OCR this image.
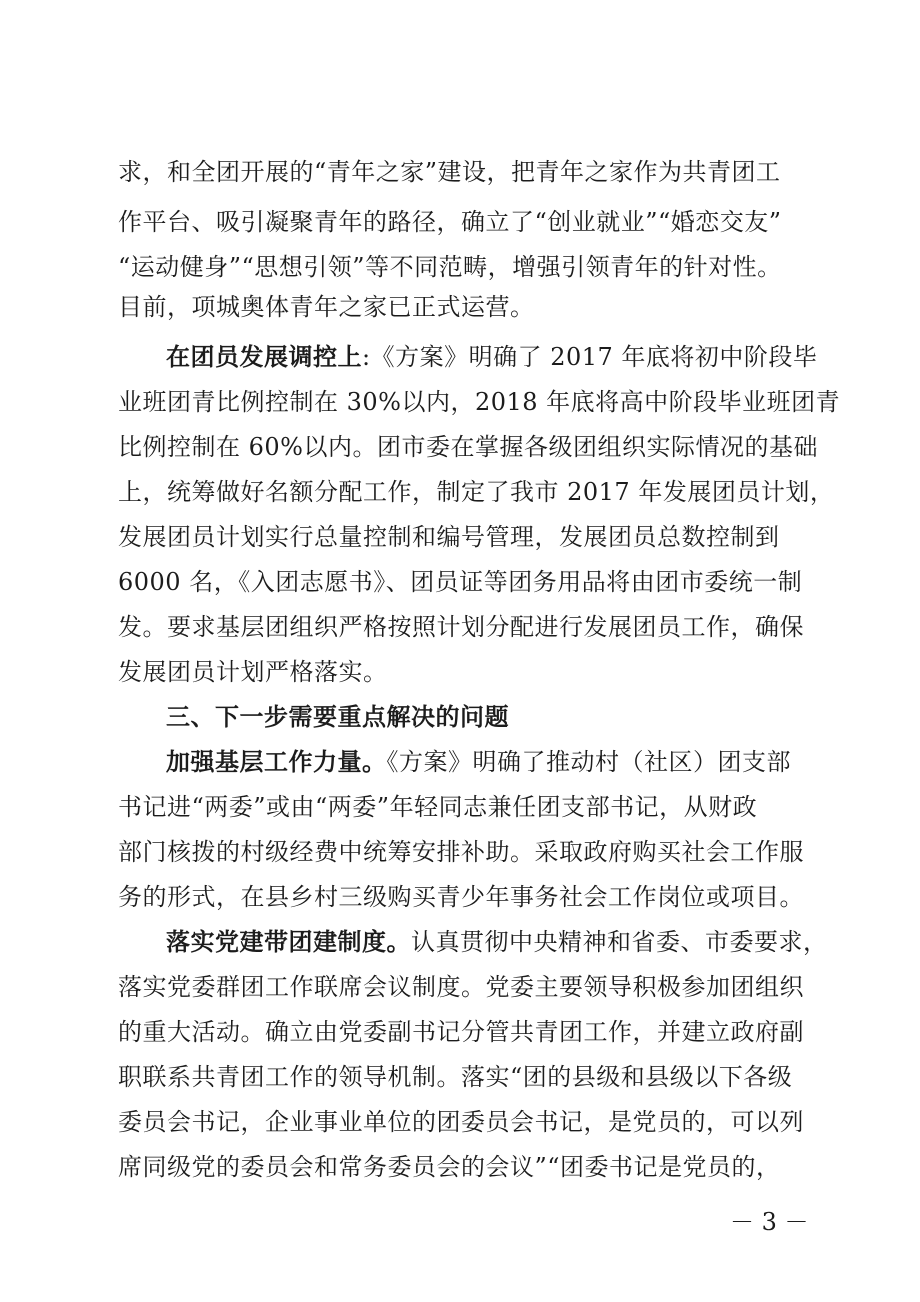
求，和全团开展的“青年之家”建设，把青年之家作为共青团工
作平台、吸引凝聚青年的路径，确立了“创业就业”“婚恋交友”
“运动健身”“思想引领”等不同范畴，增强引领青年的针对性。
目前，项城奥体青年之家已正式运营。
在团员发展调控上:《方案》明确了 2017 年底将初中阶段毕
业班团青比例控制在 30%以内，2018 年底将高中阶段毕业班团青
比例控制在 60%以内。团市委在掌握各级团组织实际情况的基础
上，统筹做好名额分配工作，制定了我市 2017 年发展团员计划，
发展团员计划实行总量控制和编号管理，发展团员总数控制到
6000 名，《入团志愿书》、团员证等团务用品将由团市委统一制
发。要求基层团组织严格按照计划分配进行发展团员工作，确保
发展团员计划严格落实。
三、下一步需要重点解决的问题
加强基层工作力量。《方案》明确了推动村（社区）团支部
书记进“两委”或由“两委”年轻同志兼任团支部书记，从财政
部门核拨的村级经费中统筹安排补助。采取政府购买社会工作服
务的形式，在县乡村三级购买青少年事务社会工作岗位或项目。
落实党建带团建制度。认真贯彻中央精神和省委、市委要求，
落实党委群团工作联席会议制度。党委主要领导积极参加团组织
的重大活动。确立由党委副书记分管共青团工作，并建立政府副
职联系共青团工作的领导机制。落实“团的县级和县级以下各级
委员会书记，企业事业单位的团委员会书记，是党员的，可以列
席同级党的委员会和常务委员会的会议”“团委书记是党员的，
－ 3 －
